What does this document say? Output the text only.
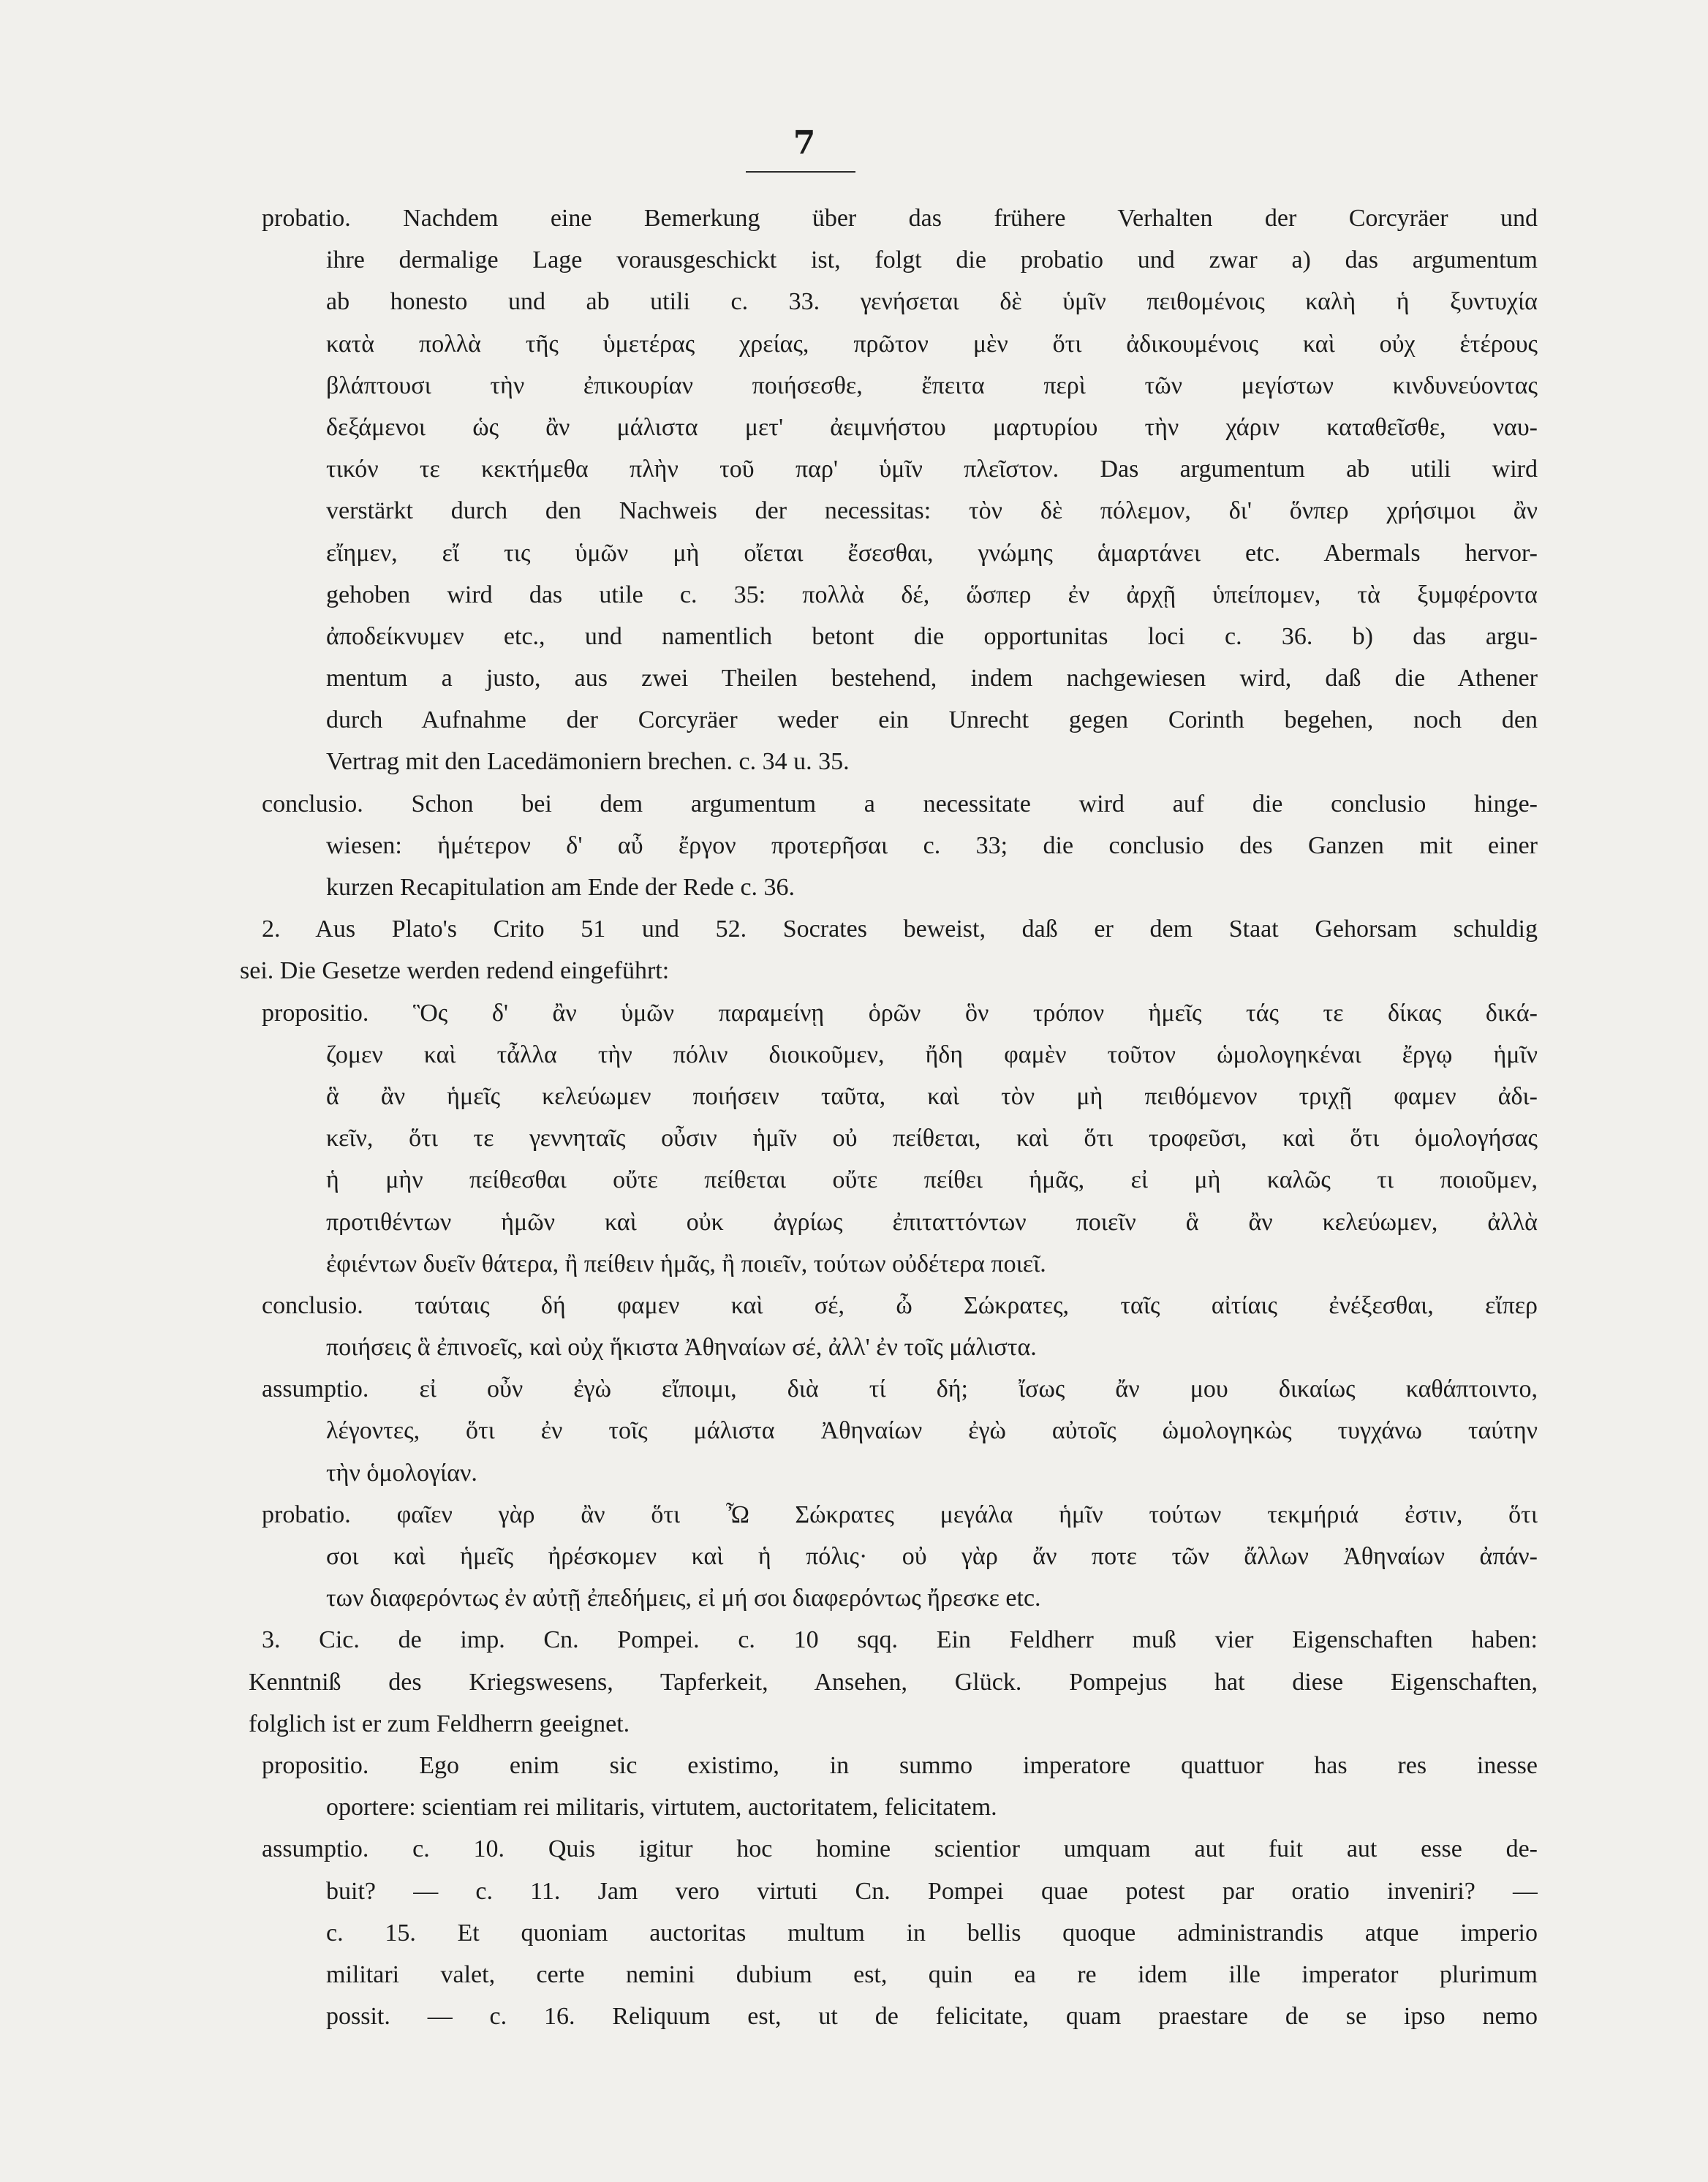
7
probatio. Nachdem eine Bemerkung über das frühere Verhalten der Corcyräer und
ihre dermalige Lage vorausgeschickt ist, folgt die probatio und zwar a) das argumentum
ab honesto und ab utili c. 33. γενήσεται δὲ ὑμῖν πειθομένοις καλὴ ἡ ξυντυχία
κατὰ πολλὰ τῆς ὑμετέρας χρείας, πρῶτον μὲν ὅτι ἀδικουμένοις καὶ οὐχ ἑτέρους
βλάπτουσι τὴν ἐπικουρίαν ποιήσεσθε, ἔπειτα περὶ τῶν μεγίστων κινδυνεύοντας
δεξάμενοι ὡς ἂν μάλιστα μετ' ἀειμνήστου μαρτυρίου τὴν χάριν καταθεῖσθε, ναυ-
τικόν τε κεκτήμεθα πλὴν τοῦ παρ' ὑμῖν πλεῖστον. Das argumentum ab utili wird
verstärkt durch den Nachweis der necessitas: τὸν δὲ πόλεμον, δι' ὅνπερ χρήσιμοι ἂν
εἴημεν, εἴ τις ὑμῶν μὴ οἴεται ἔσεσθαι, γνώμης ἁμαρτάνει etc. Abermals hervor-
gehoben wird das utile c. 35: πολλὰ δέ, ὥσπερ ἐν ἀρχῇ ὑπείπομεν, τὰ ξυμφέροντα
ἀποδείκνυμεν etc., und namentlich betont die opportunitas loci c. 36. b) das argu-
mentum a justo, aus zwei Theilen bestehend, indem nachgewiesen wird, daß die Athener
durch Aufnahme der Corcyräer weder ein Unrecht gegen Corinth begehen, noch den
Vertrag mit den Lacedämoniern brechen. c. 34 u. 35.
conclusio. Schon bei dem argumentum a necessitate wird auf die conclusio hinge-
wiesen: ἡμέτερον δ' αὖ ἔργον προτερῆσαι c. 33; die conclusio des Ganzen mit einer
kurzen Recapitulation am Ende der Rede c. 36.
2. Aus Plato's Crito 51 und 52. Socrates beweist, daß er dem Staat Gehorsam schuldig
sei. Die Gesetze werden redend eingeführt:
propositio. Ὃς δ' ἂν ὑμῶν παραμείνῃ ὁρῶν ὃν τρόπον ἡμεῖς τάς τε δίκας δικά-
ζομεν καὶ τἆλλα τὴν πόλιν διοικοῦμεν, ἤδη φαμὲν τοῦτον ὡμολογηκέναι ἔργῳ ἡμῖν
ἃ ἂν ἡμεῖς κελεύωμεν ποιήσειν ταῦτα, καὶ τὸν μὴ πειθόμενον τριχῇ φαμεν ἀδι-
κεῖν, ὅτι τε γεννηταῖς οὖσιν ἡμῖν οὐ πείθεται, καὶ ὅτι τροφεῦσι, καὶ ὅτι ὁμολογήσας
ἡ μὴν πείθεσθαι οὔτε πείθεται οὔτε πείθει ἡμᾶς, εἰ μὴ καλῶς τι ποιοῦμεν,
προτιθέντων ἡμῶν καὶ οὐκ ἀγρίως ἐπιταττόντων ποιεῖν ἃ ἂν κελεύωμεν, ἀλλὰ
ἐφιέντων δυεῖν θάτερα, ἢ πείθειν ἡμᾶς, ἢ ποιεῖν, τούτων οὐδέτερα ποιεῖ.
conclusio. ταύταις δή φαμεν καὶ σέ, ὦ Σώκρατες, ταῖς αἰτίαις ἐνέξεσθαι, εἴπερ
ποιήσεις ἃ ἐπινοεῖς, καὶ οὐχ ἥκιστα Ἀθηναίων σέ, ἀλλ' ἐν τοῖς μάλιστα.
assumptio. εἰ οὖν ἐγὼ εἴποιμι, διὰ τί δή; ἴσως ἄν μου δικαίως καθάπτοιντο,
λέγοντες, ὅτι ἐν τοῖς μάλιστα Ἀθηναίων ἐγὼ αὐτοῖς ὡμολογηκὼς τυγχάνω ταύτην
τὴν ὁμολογίαν.
probatio. φαῖεν γὰρ ἂν ὅτι Ὦ Σώκρατες μεγάλα ἡμῖν τούτων τεκμήριά ἐστιν, ὅτι
σοι καὶ ἡμεῖς ἠρέσκομεν καὶ ἡ πόλις· οὐ γὰρ ἄν ποτε τῶν ἄλλων Ἀθηναίων ἀπάν-
των διαφερόντως ἐν αὐτῇ ἐπεδήμεις, εἰ μή σοι διαφερόντως ἤρεσκε etc.
3. Cic. de imp. Cn. Pompei. c. 10 sqq. Ein Feldherr muß vier Eigenschaften haben:
Kenntniß des Kriegswesens, Tapferkeit, Ansehen, Glück. Pompejus hat diese Eigenschaften,
folglich ist er zum Feldherrn geeignet.
propositio. Ego enim sic existimo, in summo imperatore quattuor has res inesse
oportere: scientiam rei militaris, virtutem, auctoritatem, felicitatem.
assumptio. c. 10. Quis igitur hoc homine scientior umquam aut fuit aut esse de-
buit? — c. 11. Jam vero virtuti Cn. Pompei quae potest par oratio inveniri? —
c. 15. Et quoniam auctoritas multum in bellis quoque administrandis atque imperio
militari valet, certe nemini dubium est, quin ea re idem ille imperator plurimum
possit. — c. 16. Reliquum est, ut de felicitate, quam praestare de se ipso nemo
